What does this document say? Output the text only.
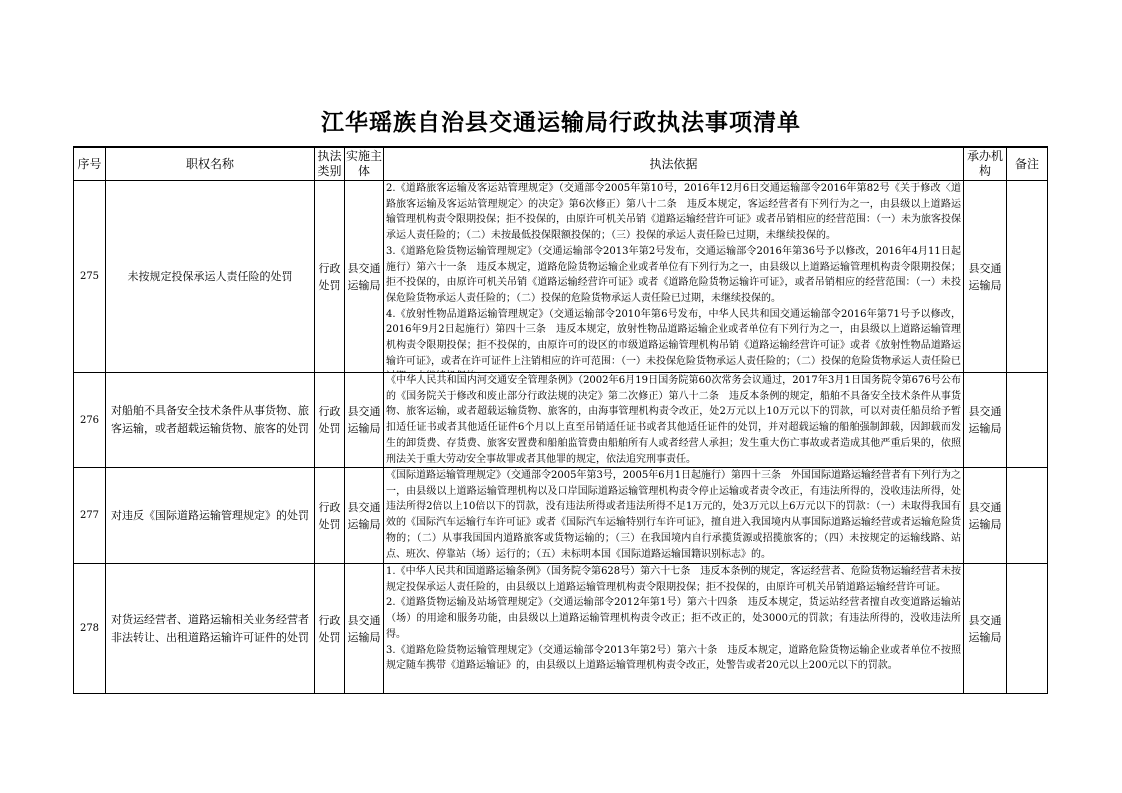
江华瑶族自治县交通运输局行政执法事项清单
序号	职权名称	执法类别	实施主体	执法依据	承办机构	备注
275	未按规定投保承运人责任险的处罚	行政处罚	县交通运输局	2.《道路旅客运输及客运站管理规定》（交通部令2005年第10号，2016年12月6日交通运输部令2016年第82号《关于修改〈道路旅客运输及客运站管理规定〉的决定》第6次修正）第八十二条　违反本规定，客运经营者有下列行为之一，由县级以上道路运输管理机构责令限期投保；拒不投保的，由原许可机关吊销《道路运输经营许可证》或者吊销相应的经营范围：（一）未为旅客投保承运人责任险的；（二）未按最低投保限额投保的；（三）投保的承运人责任险已过期，未继续投保的。

3.《道路危险货物运输管理规定》（交通运输部令2013年第2号发布，交通运输部令2016年第36号予以修改，2016年4月11日起施行）第六十一条　违反本规定，道路危险货物运输企业或者单位有下列行为之一，由县级以上道路运输管理机构责令限期投保；拒不投保的，由原许可机关吊销《道路运输经营许可证》或者《道路危险货物运输许可证》，或者吊销相应的经营范围：（一）未投保危险货物承运人责任险的；（二）投保的危险货物承运人责任险已过期，未继续投保的。

4.《放射性物品道路运输管理规定》（交通运输部令2010年第6号发布，中华人民共和国交通运输部令2016年第71号予以修改，2016年9月2日起施行）第四十三条　违反本规定，放射性物品道路运输企业或者单位有下列行为之一，由县级以上道路运输管理机构责令限期投保；拒不投保的，由原许可的设区的市级道路运输管理机构吊销《道路运输经营许可证》或者《放射性物品道路运输许可证》，或者在许可证件上注销相应的许可范围：（一）未投保危险货物承运人责任险的；（二）投保的危险货物承运人责任险已	县交通运输局	
276	对船舶不具备安全技术条件从事货物、旅客运输，或者超载运输货物、旅客的处罚	行政处罚	县交通运输局	《中华人民共和国内河交通安全管理条例》（2002年6月19日国务院第60次常务会议通过，2017年3月1日国务院令第676号公布的《国务院关于修改和废止部分行政法规的决定》第二次修正）第八十二条　违反本条例的规定，船舶不具备安全技术条件从事货物、旅客运输，或者超载运输货物、旅客的，由海事管理机构责令改正，处2万元以上10万元以下的罚款，可以对责任船员给予暂扣适任证书或者其他适任证件6个月以上直至吊销适任证书或者其他适任证件的处罚，并对超载运输的船舶强制卸载，因卸载而发生的卸货费、存货费、旅客安置费和船舶监管费由船舶所有人或者经营人承担；发生重大伤亡事故或者造成其他严重后果的，依照刑法关于重大劳动安全事故罪或者其他罪的规定，依法追究刑事责任。	县交通运输局	
277	对违反《国际道路运输管理规定》的处罚	行政处罚	县交通运输局	《国际道路运输管理规定》（交通部令2005年第3号，2005年6月1日起施行）第四十三条　外国国际道路运输经营者有下列行为之一，由县级以上道路运输管理机构以及口岸国际道路运输管理机构责令停止运输或者责令改正，有违法所得的，没收违法所得，处违法所得2倍以上10倍以下的罚款，没有违法所得或者违法所得不足1万元的，处3万元以上6万元以下的罚款：（一）未取得我国有效的《国际汽车运输行车许可证》或者《国际汽车运输特别行车许可证》，擅自进入我国境内从事国际道路运输经营或者运输危险货物的；（二）从事我国国内道路旅客或货物运输的；（三）在我国境内自行承揽货源或招揽旅客的；（四）未按规定的运输线路、站点、班次、停靠站（场）运行的；（五）未标明本国《国际道路运输国籍识别标志》的。	县交通运输局	
278	对货运经营者、道路运输相关业务经营者非法转让、出租道路运输许可证件的处罚	行政处罚	县交通运输局	1.《中华人民共和国道路运输条例》（国务院令第628号）第六十七条　违反本条例的规定，客运经营者、危险货物运输经营者未按规定投保承运人责任险的，由县级以上道路运输管理机构责令限期投保；拒不投保的，由原许可机关吊销道路运输经营许可证。

2.《道路货物运输及站场管理规定》（交通运输部令2012年第1号）第六十四条　违反本规定，货运站经营者擅自改变道路运输站（场）的用途和服务功能，由县级以上道路运输管理机构责令改正；拒不改正的，处3000元的罚款；有违法所得的，没收违法所得。

3.《道路危险货物运输管理规定》（交通运输部令2013年第2号）第六十条　违反本规定，道路危险货物运输企业或者单位不按照规定随车携带《道路运输证》的，由县级以上道路运输管理机构责令改正，处警告或者20元以上200元以下的罚款。	县交通运输局	
